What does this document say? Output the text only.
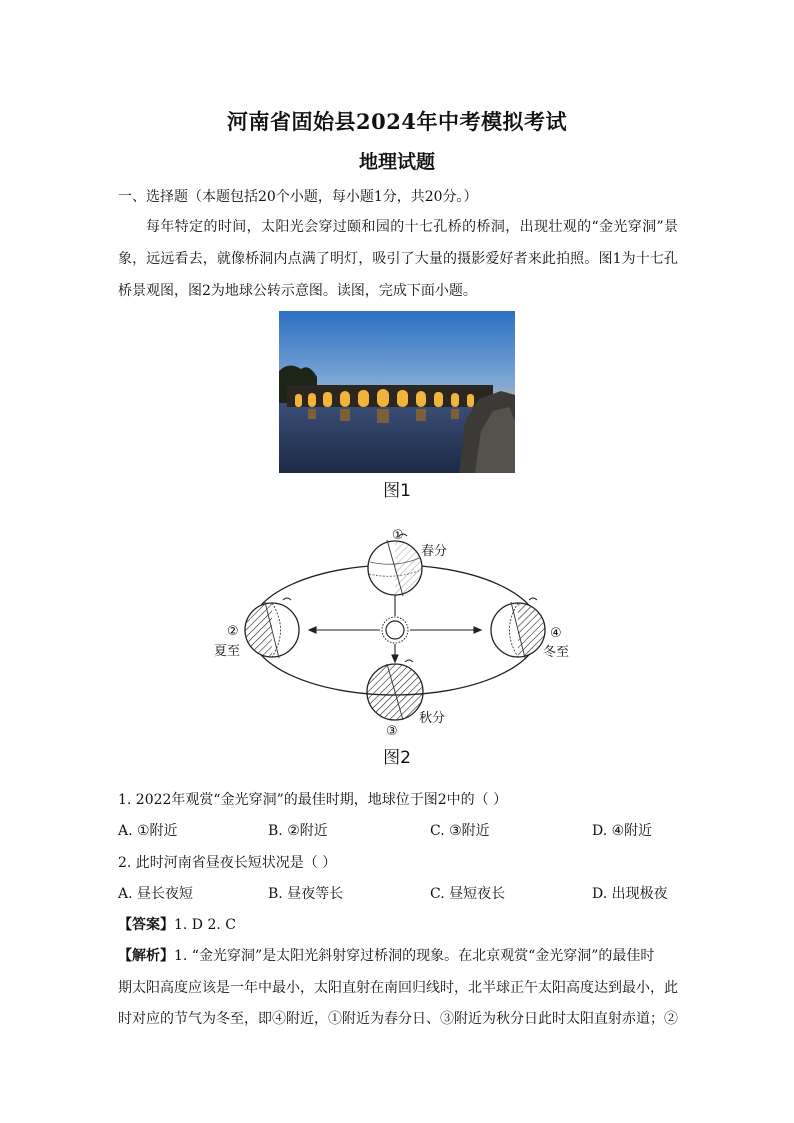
河南省固始县2024年中考模拟考试
地理试题
一、选择题（本题包括20个小题，每小题1分，共20分。）
每年特定的时间，太阳光会穿过颐和园的十七孔桥的桥洞，出现壮观的“金光穿洞”景象，远远看去，就像桥洞内点满了明灯，吸引了大量的摄影爱好者来此拍照。图1为十七孔桥景观图，图2为地球公转示意图。读图，完成下面小题。
图1
①
春分
②
夏至
④
冬至
秋分
③
图2
1. 2022年观赏“金光穿洞”的最佳时期，地球位于图2中的（ ）
A. ①附近	B. ②附近	C. ③附近	D. ④附近
2. 此时河南省昼夜长短状况是（ ）
A. 昼长夜短	B. 昼夜等长	C. 昼短夜长	D. 出现极夜
【答案】1. D 2. C
【解析】1. “金光穿洞”是太阳光斜射穿过桥洞的现象。在北京观赏“金光穿洞”的最佳时
期太阳高度应该是一年中最小，太阳直射在南回归线时，北半球正午太阳高度达到最小，此
时对应的节气为冬至，即④附近，①附近为春分日、③附近为秋分日此时太阳直射赤道；②
